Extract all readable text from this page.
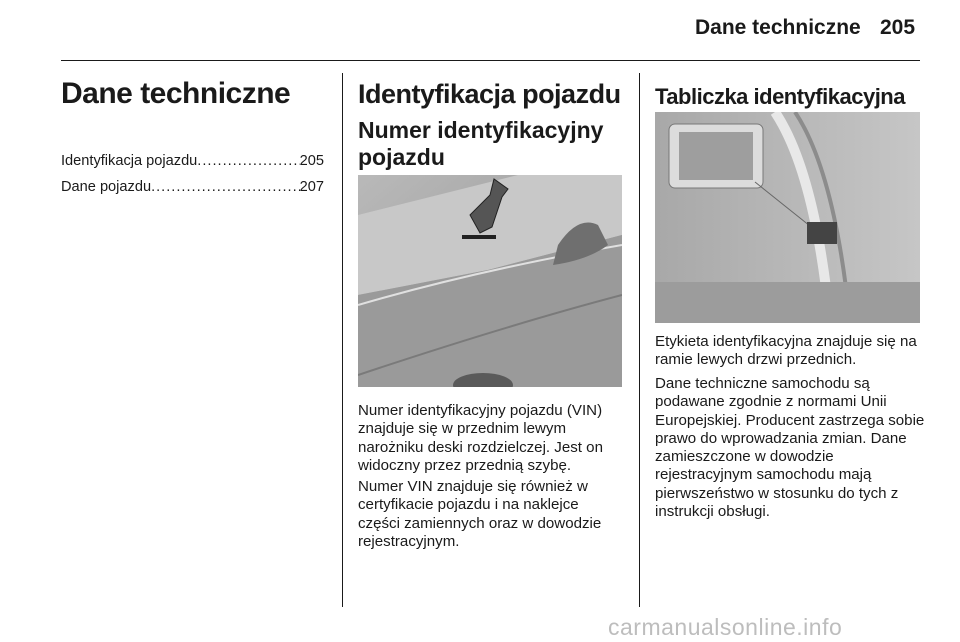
Dane techniczne 205
Dane techniczne
Identyfikacja pojazdu .....	205
Dane pojazdu .....	207
Identyfikacja pojazdu
Numer identyfikacyjny pojazdu

Numer identyfikacyjny pojazdu (VIN) znajduje się w przednim lewym narożniku deski rozdzielczej. Jest on widoczny przez przednią szybę.

Numer VIN znajduje się również w certyfikacie pojazdu i na naklejce części zamiennych oraz w dowodzie rejestracyjnym.

Tabliczka identyfikacyjna

Etykieta identyfikacyjna znajduje się na ramie lewych drzwi przednich.

Dane techniczne samochodu są podawane zgodnie z normami Unii Europejskiej. Producent zastrzega sobie prawo do wprowadzania zmian. Dane zamieszczone w dowodzie rejestracyjnym samochodu mają pierwszeństwo w stosunku do tych z instrukcji obsługi.

carmanualsonline.info
